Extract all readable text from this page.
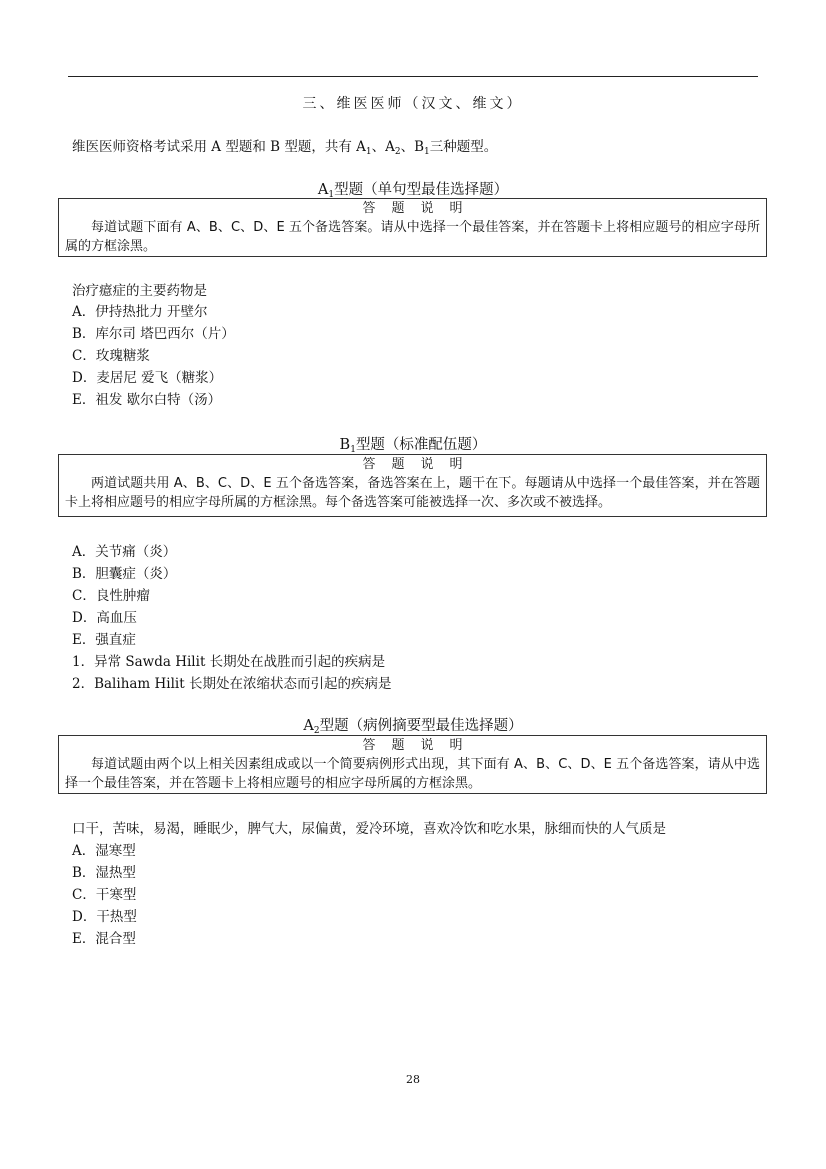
三、维医医师（汉文、维文）
维医医师资格考试采用 A 型题和 B 型题，共有 $A_1$、$A_2$、$B_1$三种题型。
$A_1$型题（单句型最佳选择题）
答题说明
每道试题下面有 A、B、C、D、E 五个备选答案。请从中选择一个最佳答案，并在答题卡上将相应题号的相应字母所属的方框涂黑。
治疗癔症的主要药物是
A．伊持热批力 开壁尔
B．库尔司 塔巴西尔（片）
C．玫瑰糖浆
D．麦居尼 爱飞（糖浆）
E．祖发 歇尔白特（汤）
$B_1$型题（标准配伍题）
答题说明
两道试题共用 A、B、C、D、E 五个备选答案，备选答案在上，题干在下。每题请从中选择一个最佳答案，并在答题卡上将相应题号的相应字母所属的方框涂黑。每个备选答案可能被选择一次、多次或不被选择。
A．关节痛（炎）
B．胆囊症（炎）
C．良性肿瘤
D．高血压
E．强直症
1．异常 Sawda Hilit 长期处在战胜而引起的疾病是
2．Baliham Hilit 长期处在浓缩状态而引起的疾病是
$A_2$型题（病例摘要型最佳选择题）
答题说明
每道试题由两个以上相关因素组成或以一个简要病例形式出现，其下面有 A、B、C、D、E 五个备选答案，请从中选择一个最佳答案，并在答题卡上将相应题号的相应字母所属的方框涂黑。
口干，苦味，易渴，睡眠少，脾气大，尿偏黄，爱冷环境，喜欢冷饮和吃水果，脉细而快的人气质是
A．湿寒型
B．湿热型
C．干寒型
D．干热型
E．混合型
28
